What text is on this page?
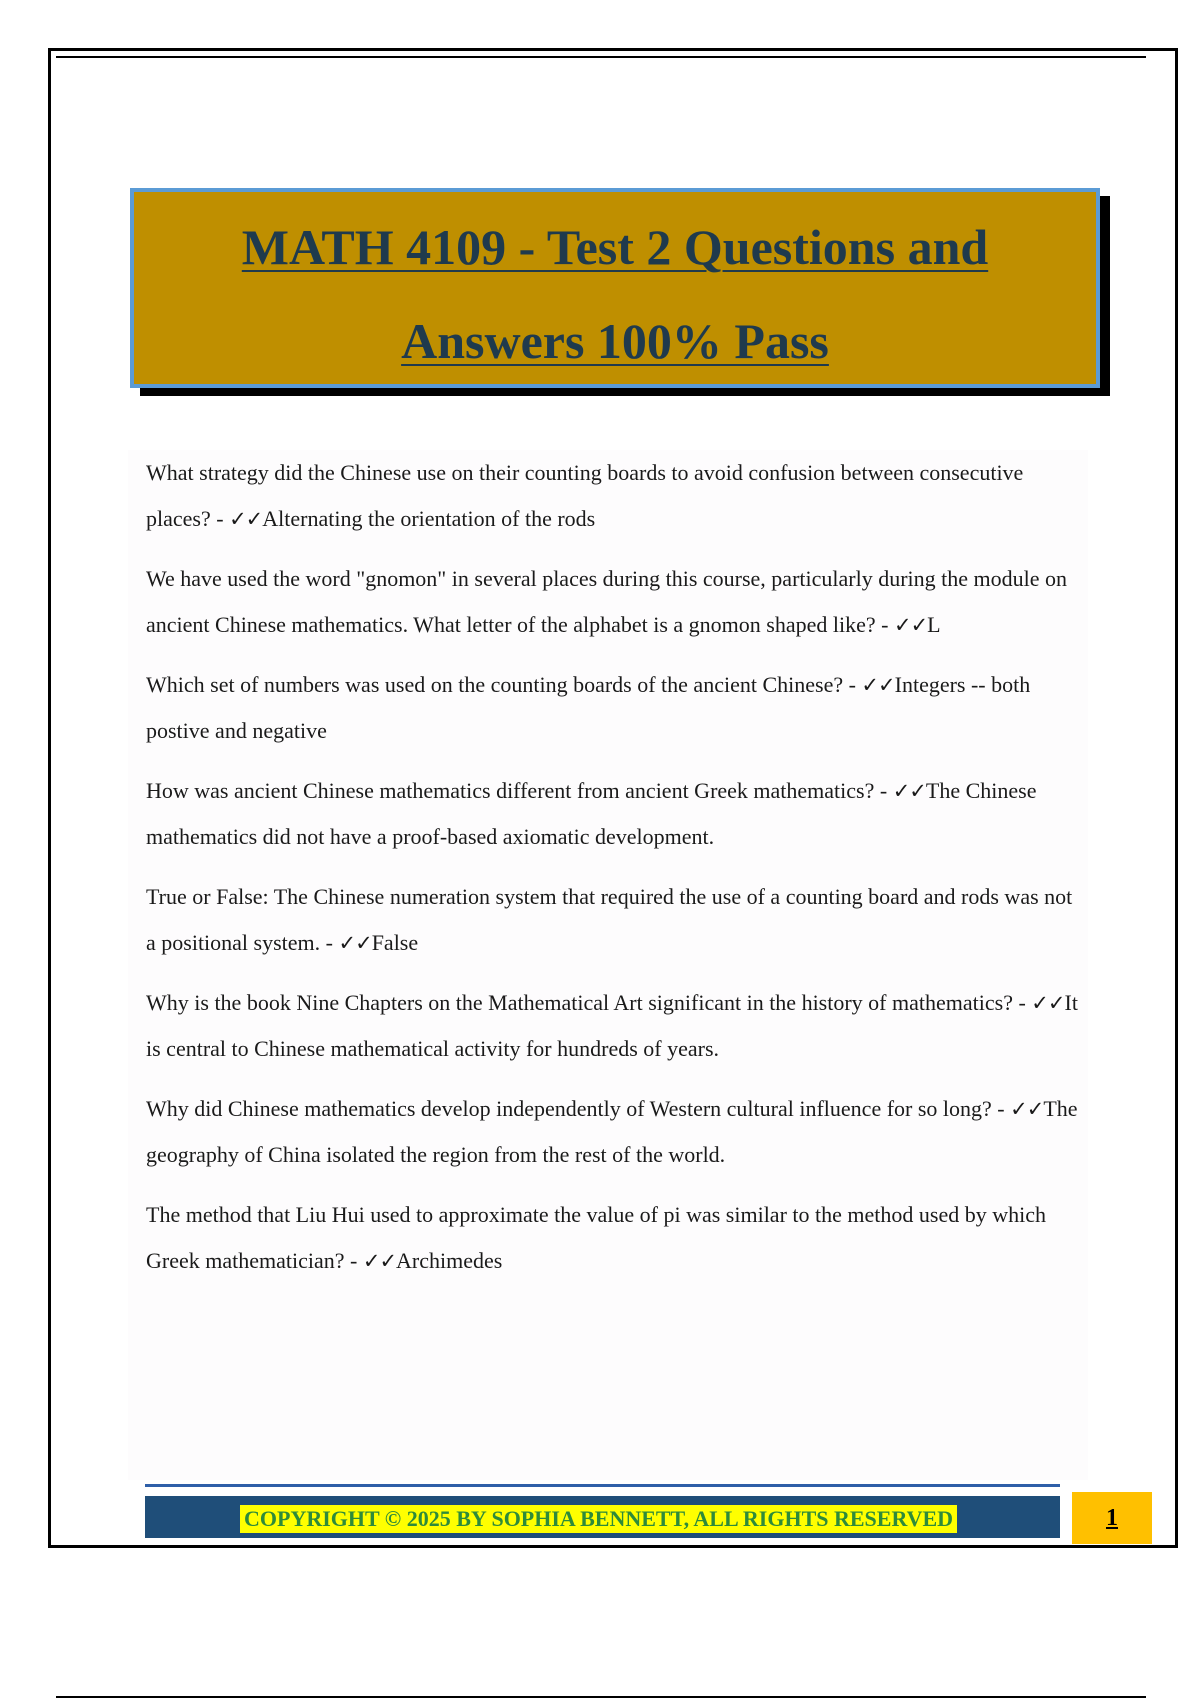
MATH 4109 - Test 2 Questions and
Answers 100% Pass

What strategy did the Chinese use on their counting boards to avoid confusion between consecutive places? - ✓✓Alternating the orientation of the rods

We have used the word "gnomon" in several places during this course, particularly during the module on ancient Chinese mathematics. What letter of the alphabet is a gnomon shaped like? - ✓✓L

Which set of numbers was used on the counting boards of the ancient Chinese? - ✓✓Integers -- both postive and negative

How was ancient Chinese mathematics different from ancient Greek mathematics? - ✓✓The Chinese mathematics did not have a proof-based axiomatic development.

True or False: The Chinese numeration system that required the use of a counting board and rods was not a positional system. - ✓✓False

Why is the book Nine Chapters on the Mathematical Art significant in the history of mathematics? - ✓✓It is central to Chinese mathematical activity for hundreds of years.

Why did Chinese mathematics develop independently of Western cultural influence for so long? - ✓✓The geography of China isolated the region from the rest of the world.

The method that Liu Hui used to approximate the value of pi was similar to the method used by which Greek mathematician? - ✓✓Archimedes

COPYRIGHT © 2025 BY SOPHIA BENNETT, ALL RIGHTS RESERVED	1
